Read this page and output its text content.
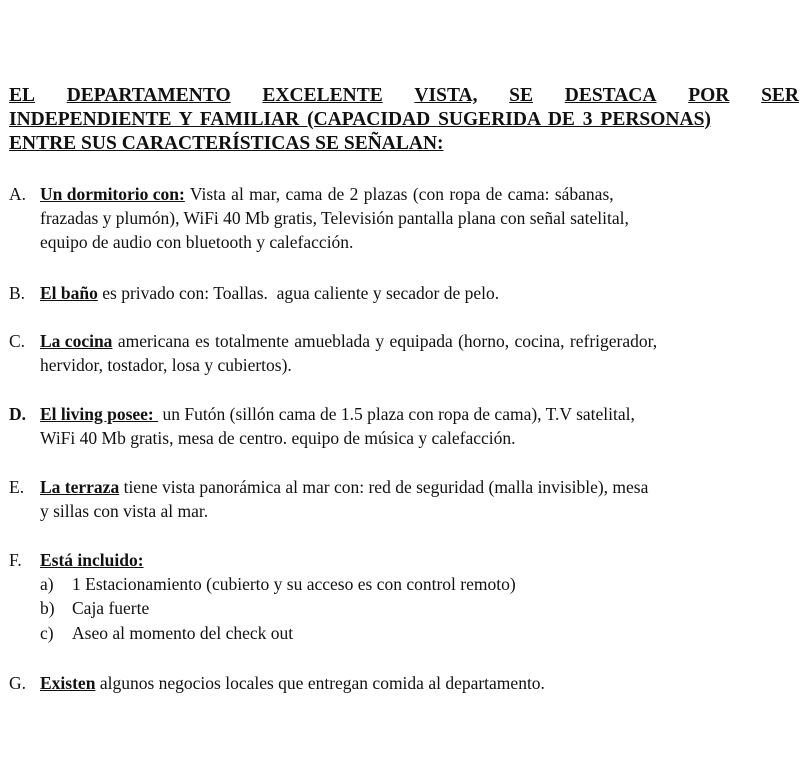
EL DEPARTAMENTO EXCELENTE VISTA, SE DESTACA POR SER
INDEPENDIENTE Y FAMILIAR (CAPACIDAD SUGERIDA DE 3 PERSONAS)
ENTRE SUS CARACTERÍSTICAS SE SEÑALAN:
A. Un dormitorio con: Vista al mar, cama de 2 plazas (con ropa de cama: sábanas,
frazadas y plumón), WiFi 40 Mb gratis, Televisión pantalla plana con señal satelital,
equipo de audio con bluetooth y calefacción.
B. El baño es privado con: Toallas.  agua caliente y secador de pelo.
C. La cocina americana es totalmente amueblada y equipada (horno, cocina, refrigerador,
hervidor, tostador, losa y cubiertos).
D. El living posee:  un Futón (sillón cama de 1.5 plaza con ropa de cama), T.V satelital,
WiFi 40 Mb gratis, mesa de centro. equipo de música y calefacción.
E. La terraza tiene vista panorámica al mar con: red de seguridad (malla invisible), mesa
y sillas con vista al mar.
F.	Está incluido:
a) 1 Estacionamiento (cubierto y su acceso es con control remoto)
b) Caja fuerte
c) Aseo al momento del check out
G. Existen algunos negocios locales que entregan comida al departamento.
